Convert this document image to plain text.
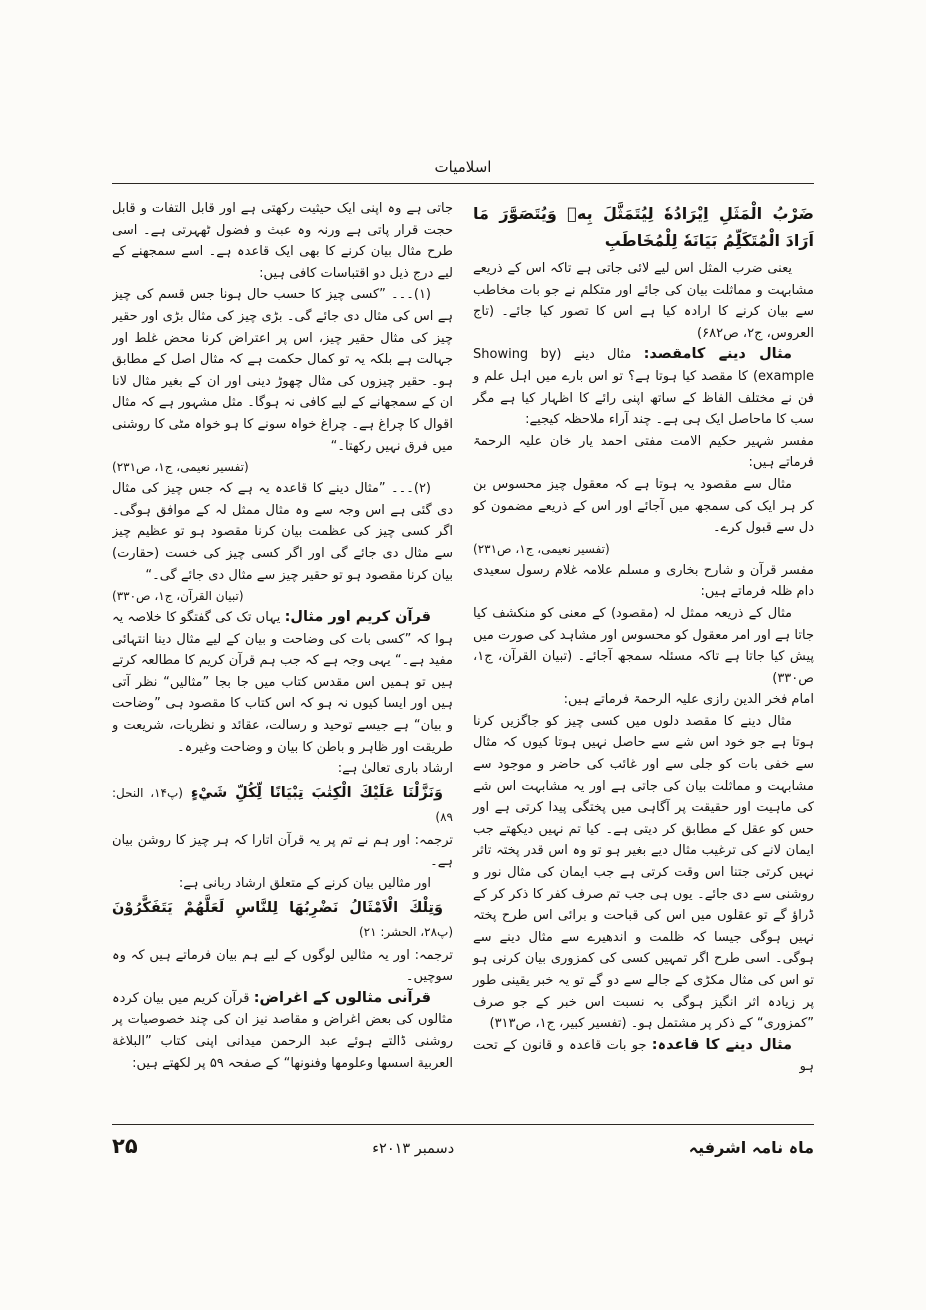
اسلامیات

ضَرْبُ الْمَثَلِ اِيْرَادُهٗ لِيُتَمَثَّلَ بِهٖ وَيُتَصَوَّرَ مَا اَرَادَ الْمُتَكَلِّمُ بَيَانَهٗ لِلْمُخَاطَبِ

یعنی ضرب المثل اس لیے لائی جاتی ہے تاکہ اس کے ذریعے مشابہت و مماثلت بیان کی جائے اور متکلم نے جو بات مخاطب سے بیان کرنے کا ارادہ کیا ہے اس کا تصور کیا جائے۔ (تاج العروس، ج۲، ص۶۸۲)

مثال دینے کامقصد: مثال دینے (Showing by example) کا مقصد کیا ہوتا ہے؟ تو اس بارے میں اہل علم و فن نے مختلف الفاظ کے ساتھ اپنی رائے کا اظہار کیا ہے مگر سب کا ماحاصل ایک ہی ہے۔ چند آراء ملاحظہ کیجیے:

مفسر شہیر حکیم الامت مفتی احمد یار خان علیہ الرحمۃ فرماتے ہیں:

مثال سے مقصود یہ ہوتا ہے کہ معقول چیز محسوس بن کر ہر ایک کی سمجھ میں آجائے اور اس کے ذریعے مضمون کو دل سے قبول کرے۔

(تفسیر نعیمی، ج۱، ص۲۳۱)

مفسر قرآن و شارح بخاری و مسلم علامہ غلام رسول سعیدی دام ظلہ فرماتے ہیں:

مثال کے ذریعہ ممثل لہ (مقصود) کے معنی کو منکشف کیا جاتا ہے اور امر معقول کو محسوس اور مشاہد کی صورت میں پیش کیا جاتا ہے تاکہ مسئلہ سمجھ آجائے۔ (تبیان القرآن، ج۱، ص۳۳۰)

امام فخر الدین رازی علیہ الرحمۃ فرماتے ہیں:

مثال دینے کا مقصد دلوں میں کسی چیز کو جاگزیں کرنا ہوتا ہے جو خود اس شے سے حاصل نہیں ہوتا کیوں کہ مثال سے خفی بات کو جلی سے اور غائب کی حاضر و موجود سے مشابہت و مماثلت بیان کی جاتی ہے اور یہ مشابہت اس شے کی ماہیت اور حقیقت پر آگاہی میں پختگی پیدا کرتی ہے اور حس کو عقل کے مطابق کر دیتی ہے۔ کیا تم نہیں دیکھتے جب ایمان لانے کی ترغیب مثال دیے بغیر ہو تو وہ اس قدر پختہ تاثر نہیں کرتی جتنا اس وقت کرتی ہے جب ایمان کی مثال نور و روشنی سے دی جائے۔ یوں ہی جب تم صرف کفر کا ذکر کر کے ڈراؤ گے تو عقلوں میں اس کی قباحت و برائی اس طرح پختہ نہیں ہوگی جیسا کہ ظلمت و اندھیرے سے مثال دینے سے ہوگی۔ اسی طرح اگر تمہیں کسی کی کمزوری بیان کرنی ہو تو اس کی مثال مکڑی کے جالے سے دو گے تو یہ خبر یقینی طور پر زیادہ اثر انگیز ہوگی بہ نسبت اس خبر کے جو صرف ”کمزوری“ کے ذکر پر مشتمل ہو۔ (تفسیر کبیر، ج۱، ص۳۱۳)

مثال دینے کا قاعدہ: جو بات قاعدہ و قانون کے تحت ہو

جاتی ہے وہ اپنی ایک حیثیت رکھتی ہے اور قابل التفات و قابل حجت قرار پاتی ہے ورنہ وہ عبث و فضول ٹھہرتی ہے۔ اسی طرح مثال بیان کرنے کا بھی ایک قاعدہ ہے۔ اسے سمجھنے کے لیے درج ذیل دو اقتباسات کافی ہیں:

(۱)۔۔۔ ”کسی چیز کا حسب حال ہونا جس قسم کی چیز ہے اس کی مثال دی جائے گی۔ بڑی چیز کی مثال بڑی اور حقیر چیز کی مثال حقیر چیز، اس پر اعتراض کرنا محض غلط اور جہالت ہے بلکہ یہ تو کمال حکمت ہے کہ مثال اصل کے مطابق ہو۔ حقیر چیزوں کی مثال چھوڑ دینی اور ان کے بغیر مثال لانا ان کے سمجھانے کے لیے کافی نہ ہوگا۔ مثل مشہور ہے کہ مثال اقوال کا چراغ ہے۔ چراغ خواہ سونے کا ہو خواہ مٹی کا روشنی میں فرق نہیں رکھتا۔“

(تفسیر نعیمی، ج۱، ص۲۳۱)

(۲)۔۔۔ ”مثال دینے کا قاعدہ یہ ہے کہ جس چیز کی مثال دی گئی ہے اس وجہ سے وہ مثال ممثل لہ کے موافق ہوگی۔ اگر کسی چیز کی عظمت بیان کرنا مقصود ہو تو عظیم چیز سے مثال دی جائے گی اور اگر کسی چیز کی خست (حقارت) بیان کرنا مقصود ہو تو حقیر چیز سے مثال دی جائے گی۔“

(تبیان القرآن، ج۱، ص۳۳۰)

قرآن کریم اور مثال: یہاں تک کی گفتگو کا خلاصہ یہ ہوا کہ ”کسی بات کی وضاحت و بیان کے لیے مثال دینا انتہائی مفید ہے۔“ یہی وجہ ہے کہ جب ہم قرآن کریم کا مطالعہ کرتے ہیں تو ہمیں اس مقدس کتاب میں جا بجا ”مثالیں“ نظر آتی ہیں اور ایسا کیوں نہ ہو کہ اس کتاب کا مقصود ہی ”وضاحت و بیان“ ہے جیسے توحید و رسالت، عقائد و نظریات، شریعت و طریقت اور ظاہر و باطن کا بیان و وضاحت وغیرہ۔

ارشاد باری تعالیٰ ہے:

وَنَزَّلْنَا عَلَيْكَ الْكِتٰبَ تِبْيَانًا لِّكُلِّ شَيْءٍ (پ۱۴، النحل: ۸۹)

ترجمہ: اور ہم نے تم پر یہ قرآن اتارا کہ ہر چیز کا روشن بیان ہے۔

اور مثالیں بیان کرنے کے متعلق ارشاد ربانی ہے:

وَتِلْكَ الْاَمْثَالُ نَضْرِبُهَا لِلنَّاسِ لَعَلَّهُمْ يَتَفَكَّرُوْنَ (پ۲۸، الحشر: ۲۱)

ترجمہ: اور یہ مثالیں لوگوں کے لیے ہم بیان فرماتے ہیں کہ وہ سوچیں۔

قرآنی مثالوں کے اغراض: قرآن کریم میں بیان کردہ مثالوں کی بعض اغراض و مقاصد نیز ان کی چند خصوصیات پر روشنی ڈالتے ہوئے عبد الرحمن میدانی اپنی کتاب ”البلاغة العربية اسسها وعلومها وفنونها“ کے صفحہ ۵۹ پر لکھتے ہیں:

ماہ نامہ اشرفیہ
دسمبر ۲۰۱۳ء
۲۵
